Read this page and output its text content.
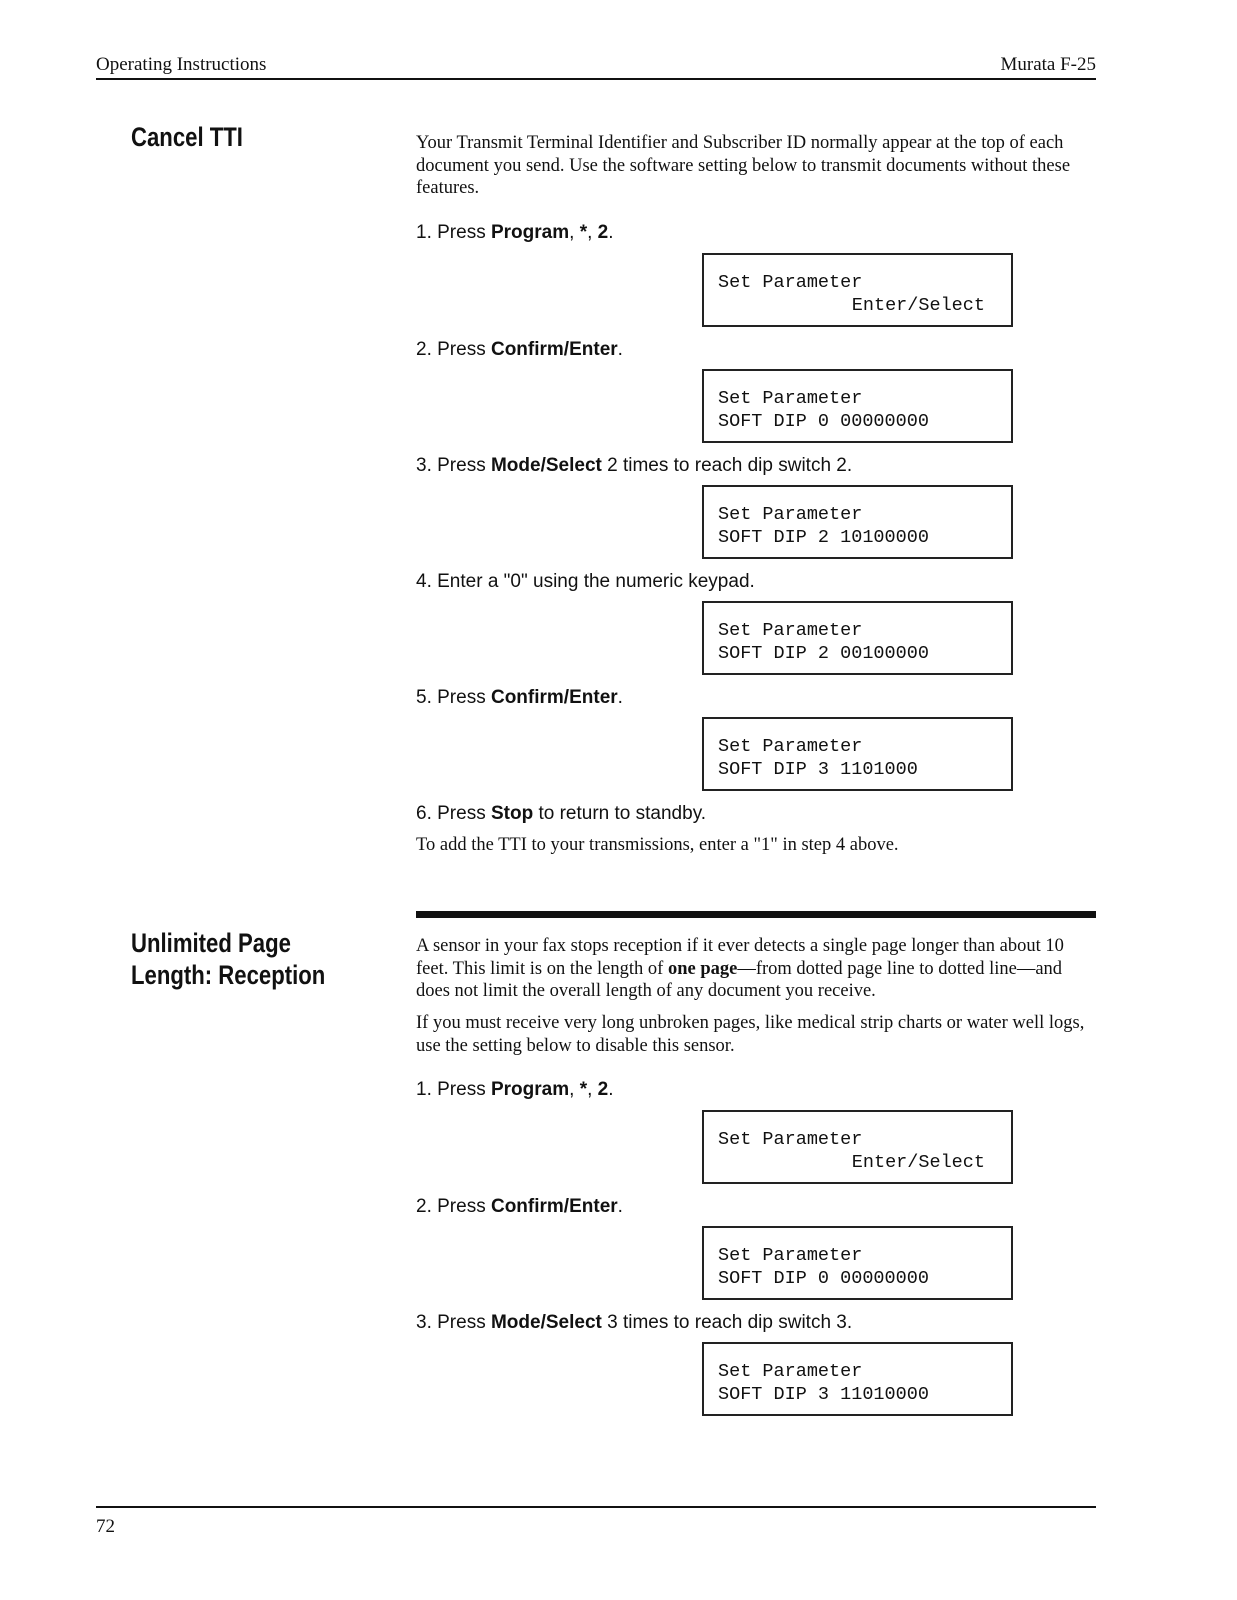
Operating Instructions	Murata F-25
Cancel TTI	Your Transmit Terminal Identifier and Subscriber ID normally appear at the top of each document you send. Use the software setting below to transmit documents without these features.

1. Press Program, *, 2.
Set Parameter
Enter/Select
2. Press Confirm/Enter.
Set Parameter
SOFT DIP 0 00000000
3. Press Mode/Select 2 times to reach dip switch 2.
Set Parameter
SOFT DIP 2 10100000
4. Enter a "0" using the numeric keypad.
Set Parameter
SOFT DIP 2 00100000
5. Press Confirm/Enter.
Set Parameter
SOFT DIP 3 1101000
6. Press Stop to return to standby.
To add the TTI to your transmissions, enter a "1" in step 4 above.
Unlimited Page
Length: Reception

A sensor in your fax stops reception if it ever detects a single page longer than about 10 feet. This limit is on the length of one page—from dotted page line to dotted line—and does not limit the overall length of any document you receive.

If you must receive very long unbroken pages, like medical strip charts or water well logs, use the setting below to disable this sensor.

1. Press Program, *, 2.
Set Parameter
Enter/Select
2. Press Confirm/Enter.
Set Parameter
SOFT DIP 0 00000000
3. Press Mode/Select 3 times to reach dip switch 3.
Set Parameter
SOFT DIP 3 11010000
72
